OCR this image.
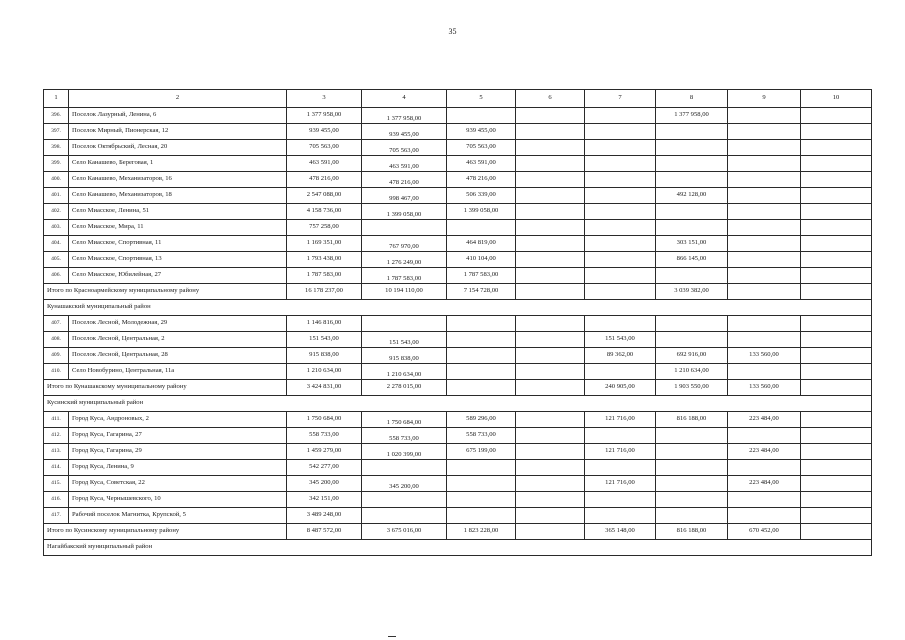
35
1	2	3	4	5	6	7	8	9	10
396.	Поселок Лазурный, Ленина, 6	1 377 958,00	1 377 958,00				1 377 958,00		
397.	Поселок Мирный, Пионерская, 12	939 455,00	939 455,00	939 455,00					
398.	Поселок Октябрьский, Лесная, 20	705 563,00	705 563,00	705 563,00					
399.	Село Канашево, Береговая, 1	463 591,00	463 591,00	463 591,00					
400.	Село Канашево, Механизаторов, 16	478 216,00	478 216,00	478 216,00					
401.	Село Канашево, Механизаторов, 18	2 547 088,00	998 467,00	506 339,00			492 128,00		
402.	Село Миасское, Ленина, 51	4 158 736,00	1 399 058,00	1 399 058,00					
403.	Село Миасское, Мира, 11	757 258,00							
404.	Село Миасское, Спортивная, 11	1 169 351,00	767 970,00	464 819,00			303 151,00		
405.	Село Миасское, Спортивная, 13	1 793 438,00	1 276 249,00	410 104,00			866 145,00		
406.	Село Миасское, Юбилейная, 27	1 787 583,00	1 787 583,00	1 787 583,00					
Итого по Красноармейскому муниципальному району		16 178 237,00	10 194 110,00	7 154 728,00			3 039 382,00		
Кунашакский муниципальный район									
407.	Поселок Лесной, Молодежная, 29	1 146 816,00							
408.	Поселок Лесной, Центральная, 2	151 543,00	151 543,00			151 543,00			
409.	Поселок Лесной, Центральная, 28	915 838,00	915 838,00			89 362,00	692 916,00	133 560,00	
410.	Село Новобурино, Центральная, 11а	1 210 634,00	1 210 634,00				1 210 634,00		
Итого по Кунашакскому муниципальному району		3 424 831,00	2 278 015,00			240 905,00	1 903 550,00	133 560,00	
Кусинский муниципальный район									
411.	Город Куса, Андроновых, 2	1 750 684,00	1 750 684,00	589 296,00		121 716,00	816 188,00	223 484,00	
412.	Город Куса, Гагарина, 27	558 733,00	558 733,00	558 733,00					
413.	Город Куса, Гагарина, 29	1 459 279,00	1 020 399,00	675 199,00		121 716,00		223 484,00	
414.	Город Куса, Ленина, 9	542 277,00							
415.	Город Куса, Советская, 22	345 200,00	345 200,00			121 716,00		223 484,00	
416.	Город Куса, Чернышевского, 10	342 151,00							
417.	Рабочий поселок Магнитка, Крупской, 5	3 489 248,00							
Итого по Кусинскому муниципальному району		8 487 572,00	3 675 016,00	1 823 228,00		365 148,00	816 188,00	670 452,00	
Нагайбакский муниципальный район									
